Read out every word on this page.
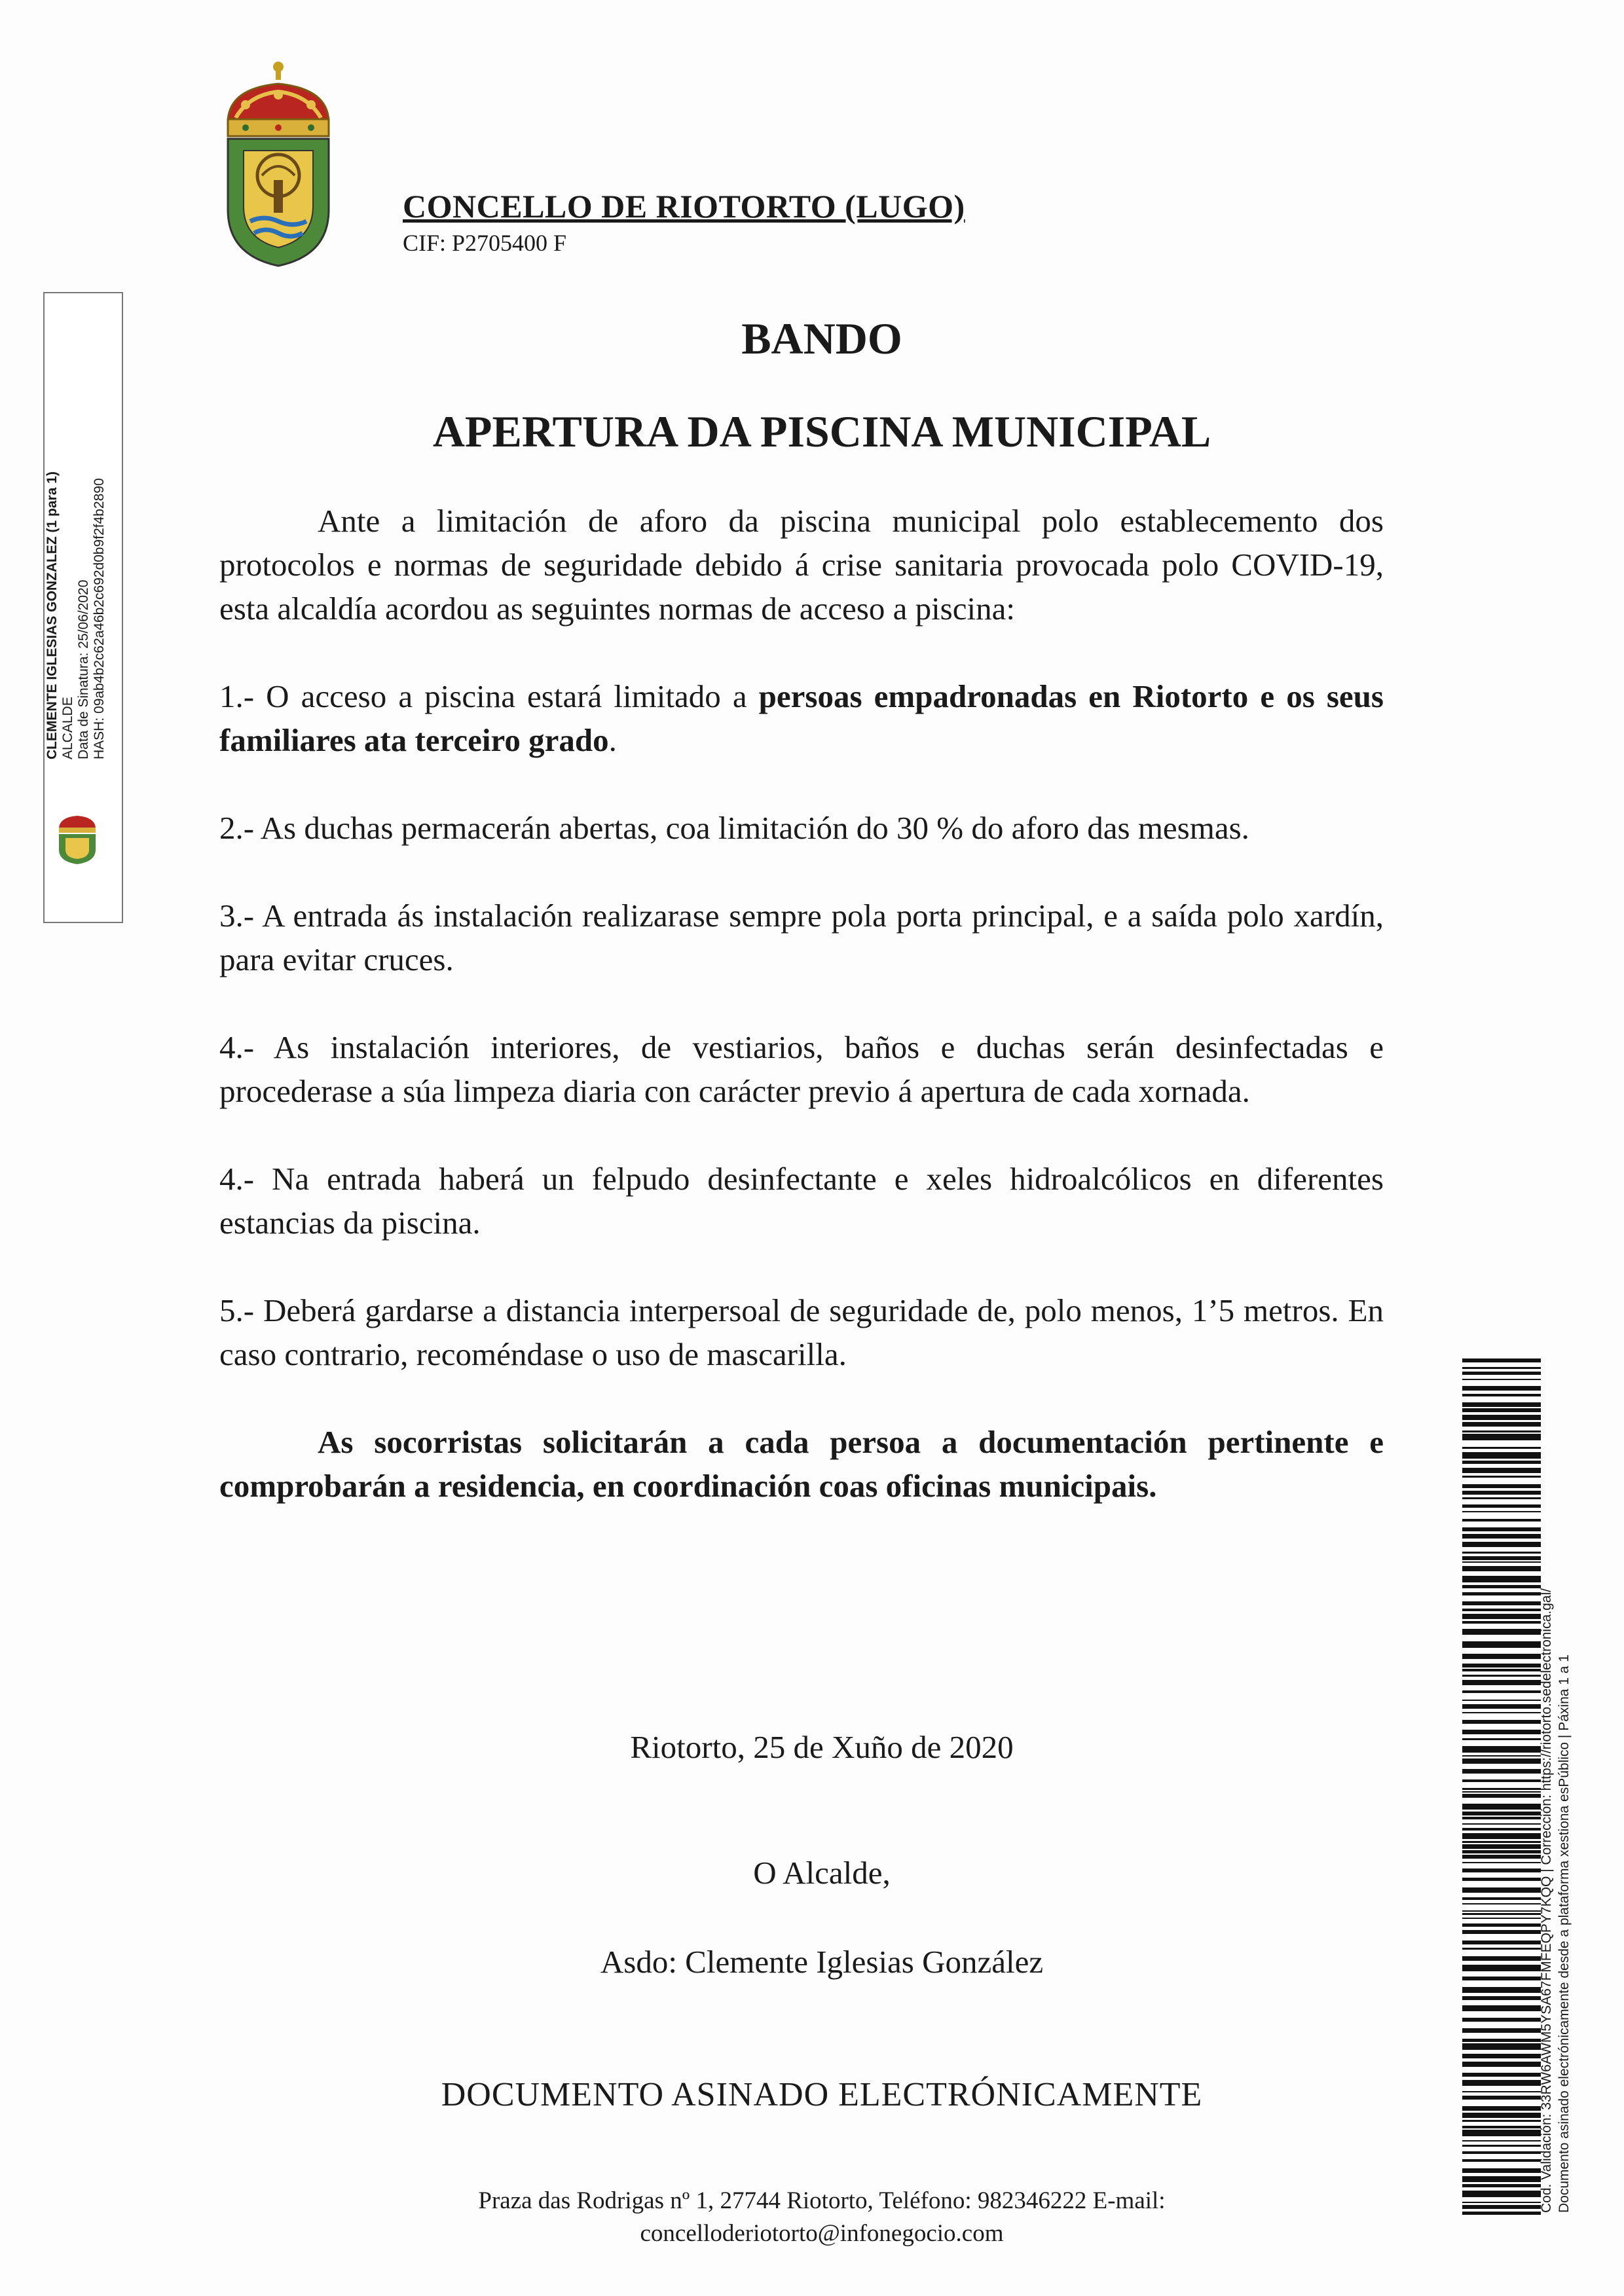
CONCELLO DE RIOTORTO (LUGO)
CIF: P2705400 F
BANDO
APERTURA DA PISCINA MUNICIPAL

Ante a limitación de aforo da piscina municipal polo establecemento dos protocolos e normas de seguridade debido á crise sanitaria provocada polo COVID-19, esta alcaldía acordou as seguintes normas de acceso a piscina:

1.- O acceso a piscina estará limitado a persoas empadronadas en Riotorto e os seus familiares ata terceiro grado.

2.- As duchas permacerán abertas, coa limitación do 30 % do aforo das mesmas.

3.- A entrada ás instalación realizarase sempre pola porta principal, e a saída polo xardín, para evitar cruces.

4.- As instalación interiores, de vestiarios, baños e duchas serán desinfectadas e procederase a súa limpeza diaria con carácter previo á apertura de cada xornada.

4.- Na entrada haberá un felpudo desinfectante e xeles hidroalcólicos en diferentes estancias da piscina.

5.- Deberá gardarse a distancia interpersoal de seguridade de, polo menos, 1’5 metros. En caso contrario, recoméndase o uso de mascarilla.

As socorristas solicitarán a cada persoa a documentación pertinente e comprobarán a residencia, en coordinación coas oficinas municipais.

Riotorto, 25 de Xuño de 2020
O Alcalde,
Asdo: Clemente Iglesias González
DOCUMENTO ASINADO ELECTRÓNICAMENTE
Praza das Rodrigas nº 1, 27744 Riotorto, Teléfono: 982346222 E-mail:
concelloderiotorto@infonegocio.com
CLEMENTE IGLESIAS GONZALEZ (1 para 1) ALCALDE Data de Sinatura: 25/06/2020 HASH: 09ab4b2c62a46b2c692d0b9f2f4b2890
Cod. Validación: 33RW6AWM5YSA67FMFEQPY7KQQ | Corrección: https://riotorto.sedelectronica.gal/ Documento asinado electrónicamente desde a plataforma xestiona esPúblico | Páxina 1 a 1
